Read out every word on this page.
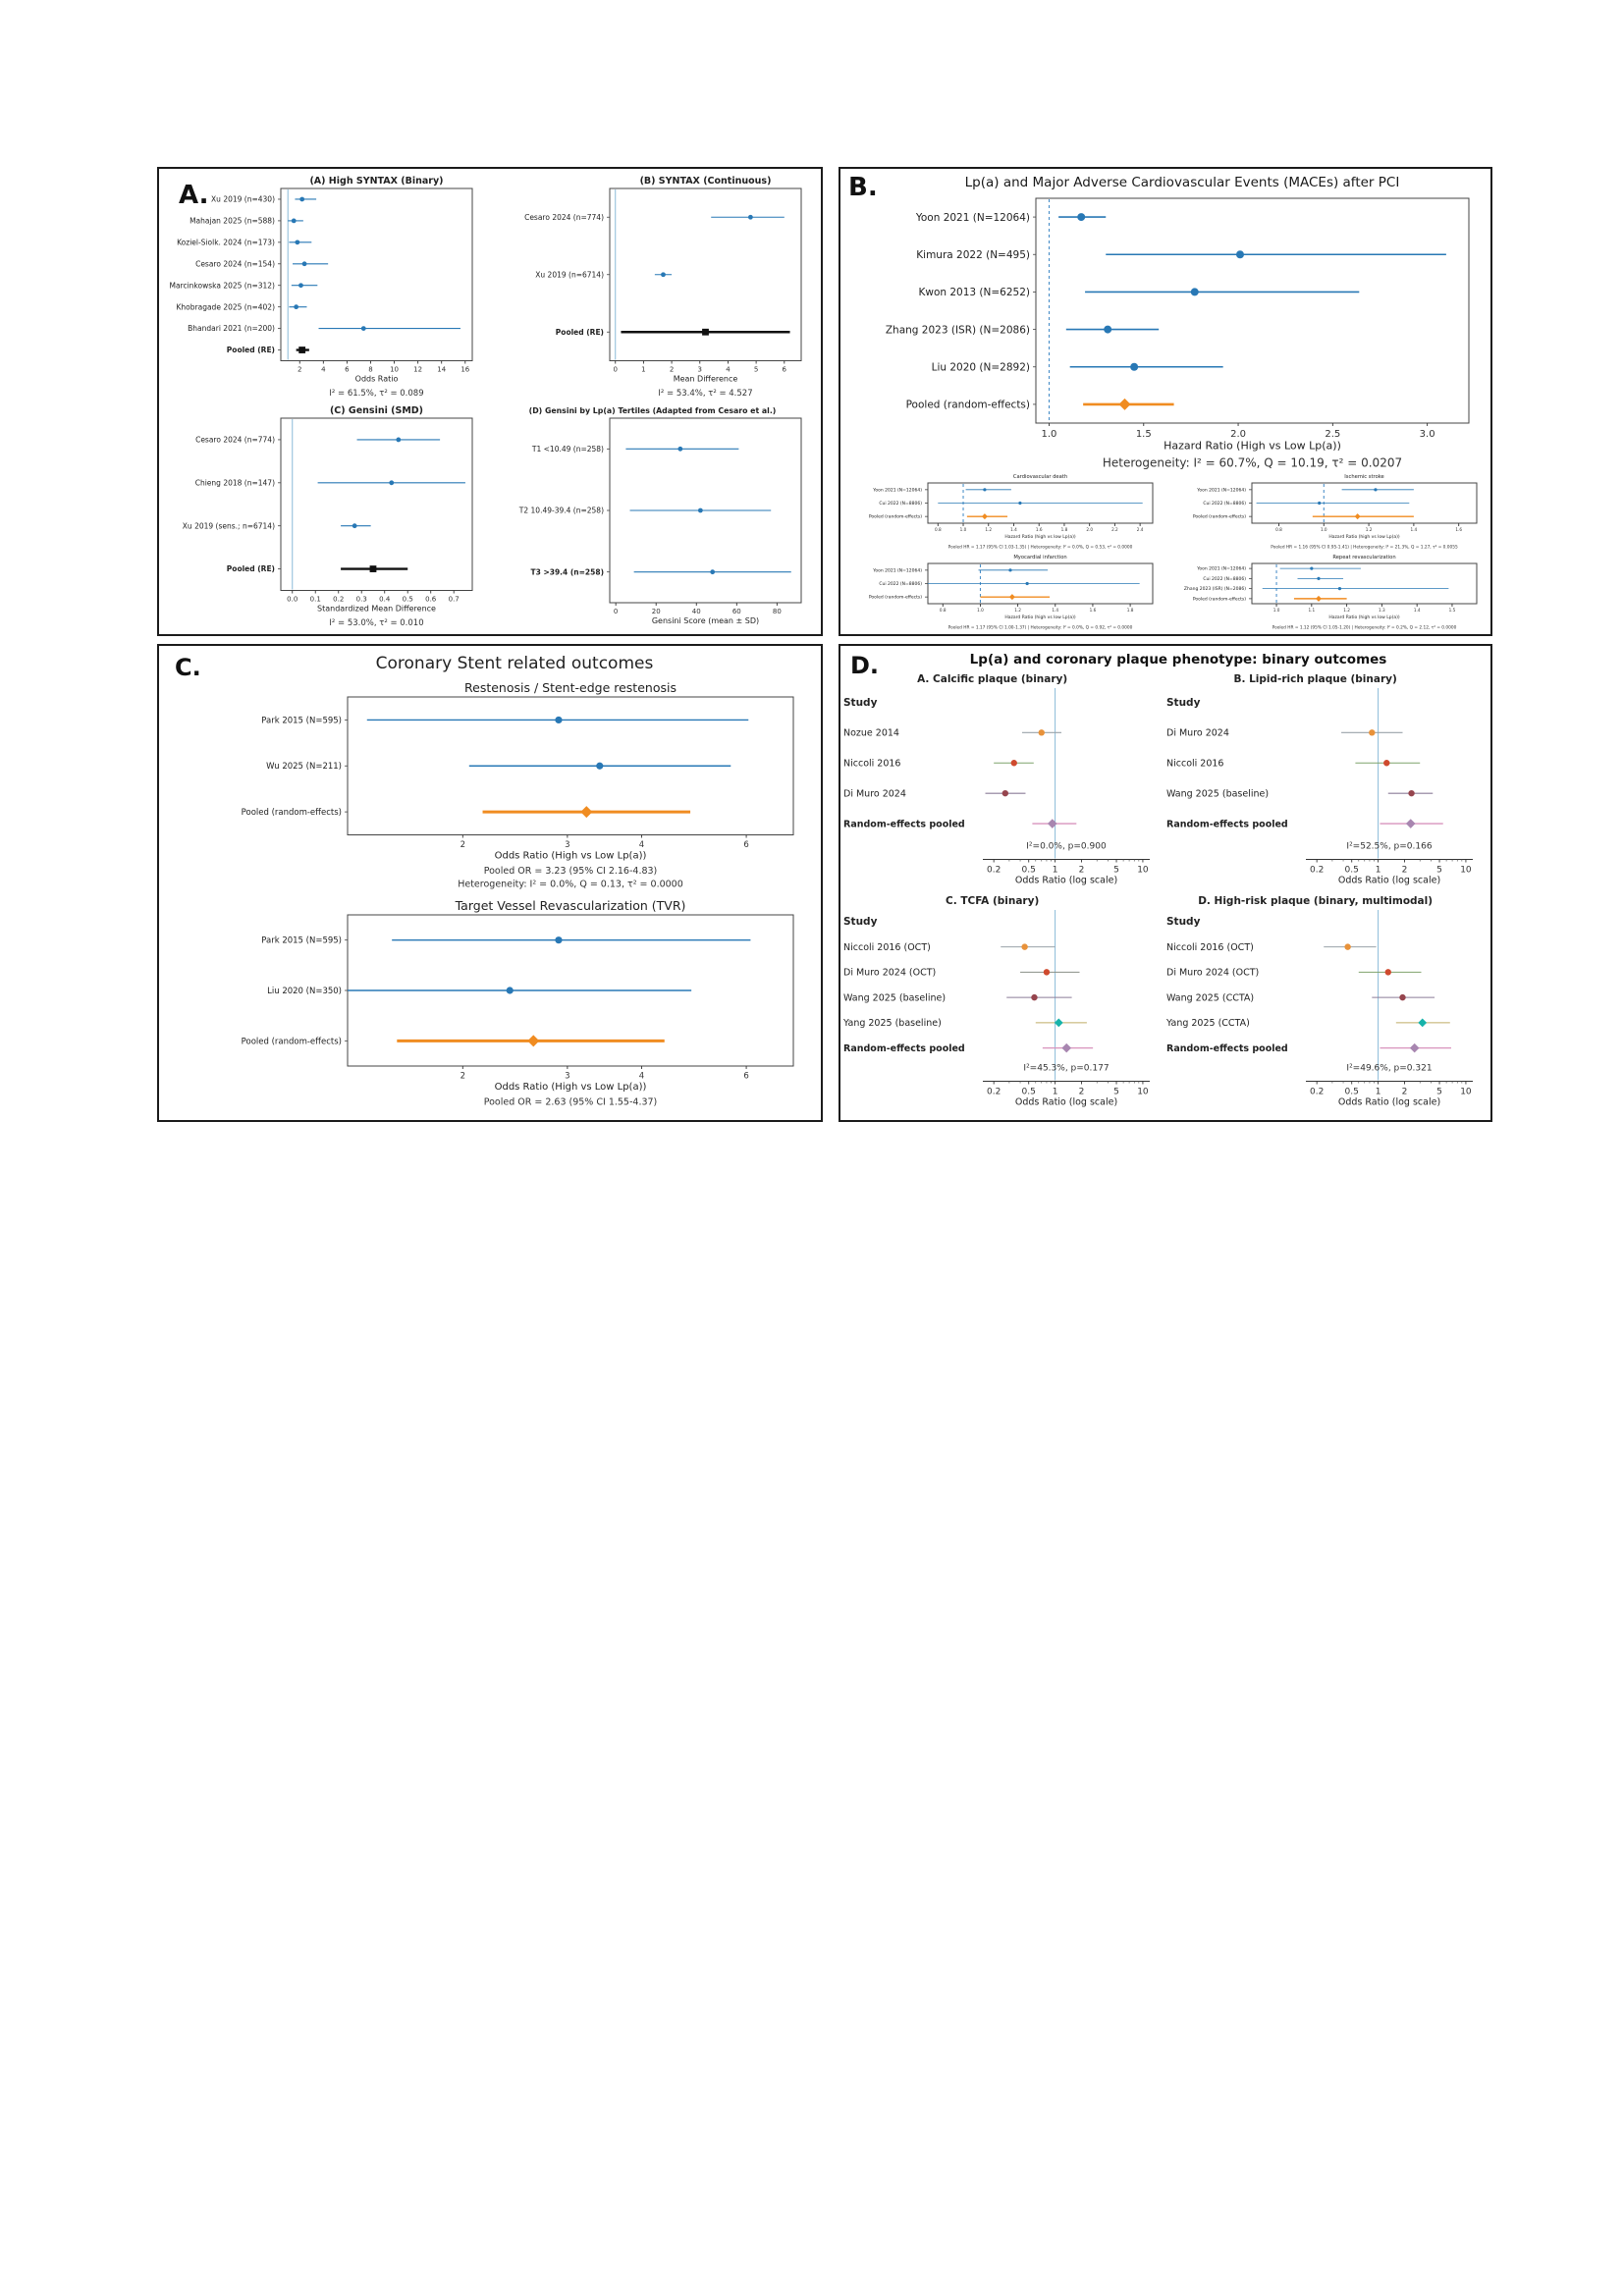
A.	(A) High SYNTAX (Binary)
Xu 2019 (n=430)
Mahajan 2025 (n=588)
Koziel-Siolk. 2024 (n=173)
Cesaro 2024 (n=154)
Marcinkowska 2025 (n=312)
Khobragade 2025 (n=402)
Bhandari 2021 (n=200)
Pooled (RE)
2	4	6	8 10 12 14 16
Odds Ratio
I² = 61.5%, τ² = 0.089
(B) SYNTAX (Continuous)
Cesaro 2024 (n=774)
Xu 2019 (n=6714)
Pooled (RE)
0	1	2	3	4	5	6
Mean Difference
I² = 53.4%, τ² = 4.527
(C) Gensini (SMD)
Cesaro 2024 (n=774)
Chieng 2018 (n=147)
Xu 2019 (sens.; n=6714)
Pooled (RE)
0.0 0.1 0.2 0.3 0.4 0.5 0.6 0.7
Standardized Mean Difference
I² = 53.0%, τ² = 0.010
(D) Gensini by Lp(a) Tertiles (Adapted from Cesaro et al.)
T1 <10.49 (n=258)
T2 10.49-39.4 (n=258)
T3 >39.4 (n=258)
0	20	40	60	80
Gensini Score (mean ± SD)
B.	Lp(a) and Major Adverse Cardiovascular Events (MACEs) after PCI
Yoon 2021 (N=12064)
Kimura 2022 (N=495)
Kwon 2013 (N=6252)
Zhang 2023 (ISR) (N=2086)
Liu 2020 (N=2892)
Pooled (random-effects)
1.0	1.5	2.0	2.5	3.0
Hazard Ratio (High vs Low Lp(a))
Heterogeneity: I² = 60.7%, Q = 10.19, τ² = 0.0207
Cardiovascular death
Yoon 2021 (N=12064)
Cui 2022 (N=8806)
Pooled (random-effects)
0.8	1.0	1.2	1.4	1.6	1.8	2.0	2.2	2.4
Hazard Ratio (high vs low Lp(a))
Pooled HR = 1.17 (95% CI 1.03-1.35) | Heterogeneity: I² = 0.0%, Q = 0.53, τ² = 0.0000
Ischemic stroke
Yoon 2021 (N=12064)
Cui 2022 (N=8806)
Pooled (random-effects)
0.8	1.0	1.2	1.4	1.6
Hazard Ratio (high vs low Lp(a))
Pooled HR = 1.16 (95% CI 0.95-1.41) | Heterogeneity: I² = 21.3%, Q = 1.27, τ² = 0.0055
Myocardial infarction
Yoon 2021 (N=12064)
Cui 2022 (N=8806)
Pooled (random-effects)
0.8	1.0	1.2	1.4	1.6	1.8
Hazard Ratio (high vs low Lp(a))
Pooled HR = 1.17 (95% CI 1.00-1.37) | Heterogeneity: I² = 0.0%, Q = 0.92, τ² = 0.0000
Repeat revascularization
Yoon 2021 (N=12064)
Cui 2022 (N=8806)
Zhang 2023 (ISR) (N=2086)
Pooled (random-effects)
1.0	1.1	1.2	1.3	1.4	1.5
Hazard Ratio (high vs low Lp(a))
Pooled HR = 1.12 (95% CI 1.05-1.20) | Heterogeneity: I² = 0.2%, Q = 2.12, τ² = 0.0000
C.	Coronary Stent related outcomes
Restenosis / Stent-edge restenosis
Park 2015 (N=595)
Wu 2025 (N=211)
Pooled (random-effects)
2	3	4	6
Odds Ratio (High vs Low Lp(a))
Pooled OR = 3.23 (95% CI 2.16-4.83)
Heterogeneity: I² = 0.0%, Q = 0.13, τ² = 0.0000
Target Vessel Revascularization (TVR)
Park 2015 (N=595)
Liu 2020 (N=350)
Pooled (random-effects)
2	3	4	6
Odds Ratio (High vs Low Lp(a))
Pooled OR = 2.63 (95% CI 1.55-4.37)
D.	Lp(a) and coronary plaque phenotype: binary outcomes
A. Calcific plaque (binary)
Study
Nozue 2014
Niccoli 2016
Di Muro 2024
Random-effects pooled
I²=0.0%, p=0.900
0.2 0.5 1 2	5 10
Odds Ratio (log scale)
B. Lipid-rich plaque (binary)
Study
Di Muro 2024
Niccoli 2016
Wang 2025 (baseline)
Random-effects pooled
I²=52.5%, p=0.166
0.2 0.5 1 2	5 10
Odds Ratio (log scale)
C. TCFA (binary)
Study
Niccoli 2016 (OCT)
Di Muro 2024 (OCT)
Wang 2025 (baseline)
Yang 2025 (baseline)
Random-effects pooled
I²=45.3%, p=0.177
0.2 0.5 1 2	5 10
Odds Ratio (log scale)
D. High-risk plaque (binary, multimodal)
Study
Niccoli 2016 (OCT)
Di Muro 2024 (OCT)
Wang 2025 (CCTA)
Yang 2025 (CCTA)
Random-effects pooled
I²=49.6%, p=0.321
0.2 0.5 1 2	5 10
Odds Ratio (log scale)
